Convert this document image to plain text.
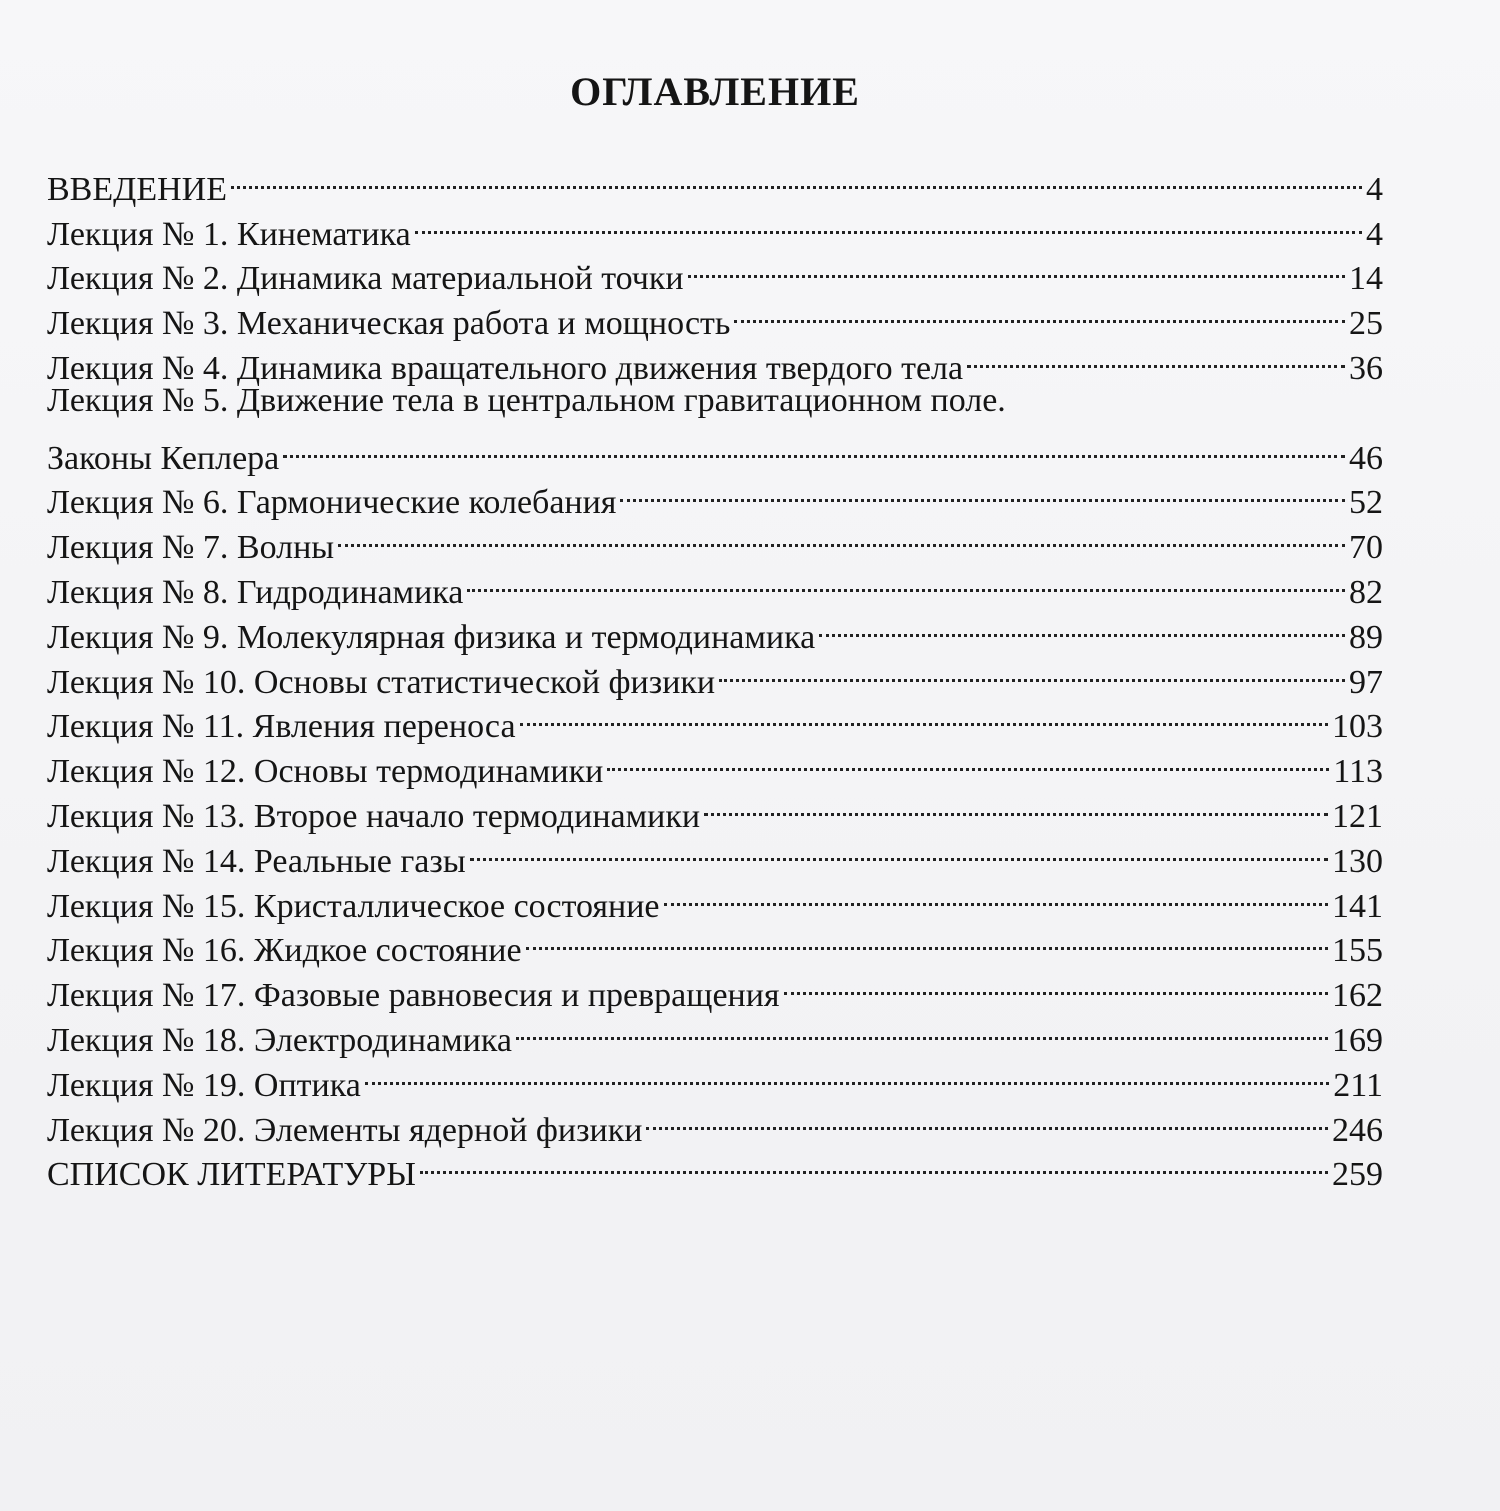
ОГЛАВЛЕНИЕ
ВВЕДЕНИЕ	4
Лекция № 1. Кинематика	4
Лекция № 2. Динамика материальной точки	14
Лекция № 3. Механическая работа и мощность	25
Лекция № 4. Динамика вращательного движения твердого тела	36
Лекция № 5. Движение тела в центральном гравитационном поле.
Законы Кеплера	46
Лекция № 6. Гармонические колебания	52
Лекция № 7. Волны	70
Лекция № 8. Гидродинамика	82
Лекция № 9. Молекулярная физика и термодинамика	89
Лекция № 10. Основы статистической физики	97
Лекция № 11. Явления переноса	103
Лекция № 12. Основы термодинамики	113
Лекция № 13. Второе начало термодинамики	121
Лекция № 14. Реальные газы	130
Лекция № 15. Кристаллическое состояние	141
Лекция № 16. Жидкое состояние	155
Лекция № 17. Фазовые равновесия и превращения	162
Лекция № 18. Электродинамика	169
Лекция № 19. Оптика	211
Лекция № 20. Элементы ядерной физики	246
СПИСОК ЛИТЕРАТУРЫ	259
